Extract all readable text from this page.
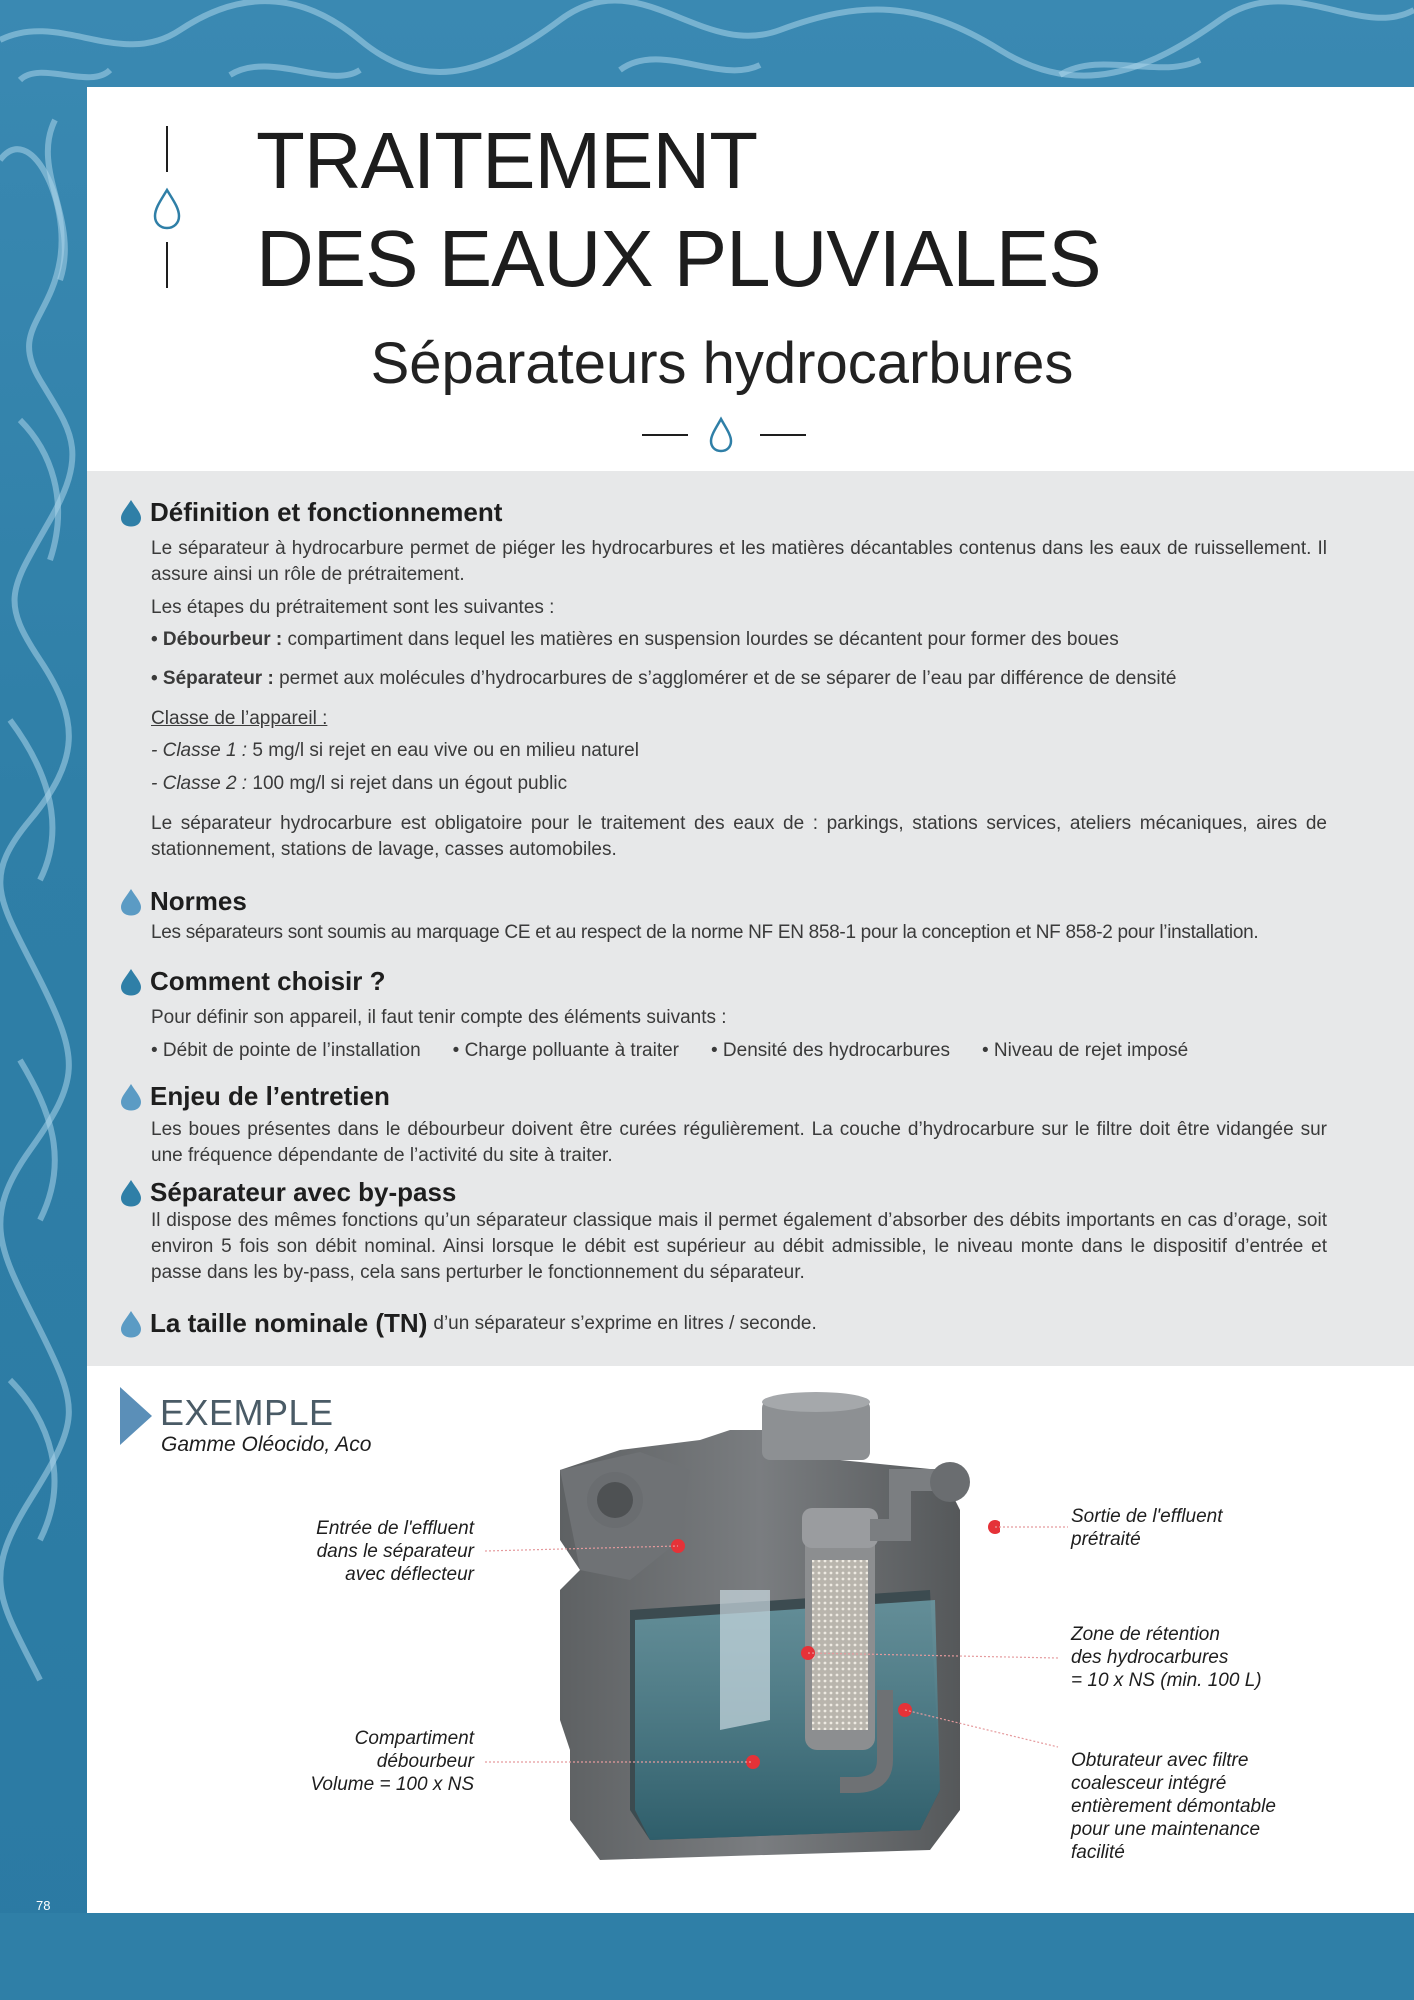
78
TRAITEMENT
DES EAUX PLUVIALES
Séparateurs hydrocarbures
Définition et fonctionnement

Le séparateur à hydrocarbure permet de piéger les hydrocarbures et les matières décantables contenus dans les eaux de ruissellement. Il assure ainsi un rôle de prétraitement.

Les étapes du prétraitement sont les suivantes :

• Débourbeur : compartiment dans lequel les matières en suspension lourdes se décantent pour former des boues

• Séparateur : permet aux molécules d’hydrocarbures de s’agglomérer et de se séparer de l’eau par différence de densité

Classe de l’appareil :

- Classe 1 : 5 mg/l si rejet en eau vive ou en milieu naturel

- Classe 2 : 100 mg/l si rejet dans un égout public

Le séparateur hydrocarbure est obligatoire pour le traitement des eaux de : parkings, stations services, ateliers mécaniques, aires de stationnement, stations de lavage, casses automobiles.

Normes

Les séparateurs sont soumis au marquage CE et au respect de la norme NF EN 858-1 pour la conception et NF 858-2 pour l’installation.

Comment choisir ?

Pour définir son appareil, il faut tenir compte des éléments suivants :

• Débit de pointe de l’installation • Charge polluante à traiter • Densité des hydrocarbures • Niveau de rejet imposé
Enjeu de l’entretien

Les boues présentes dans le débourbeur doivent être curées régulièrement. La couche d’hydrocarbure sur le filtre doit être vidangée sur une fréquence dépendante de l’activité du site à traiter.

Séparateur avec by-pass

Il dispose des mêmes fonctions qu’un séparateur classique mais il permet également d’absorber des débits importants en cas d’orage, soit environ 5 fois son débit nominal. Ainsi lorsque le débit est supérieur au débit admissible, le niveau monte dans le dispositif d’entrée et passe dans les by-pass, cela sans perturber le fonctionnement du séparateur.

La taille nominale (TN) d’un séparateur s’exprime en litres / seconde.
EXEMPLE
Gamme Oléocido, Aco
Entrée de l'effluent
dans le séparateur
avec déflecteur
Compartiment
débourbeur
Volume = 100 x NS
Sortie de l'effluent
prétraité
Zone de rétention
des hydrocarbures
= 10 x NS (min. 100 L)
Obturateur avec filtre
coalesceur intégré
entièrement démontable
pour une maintenance
facilité
